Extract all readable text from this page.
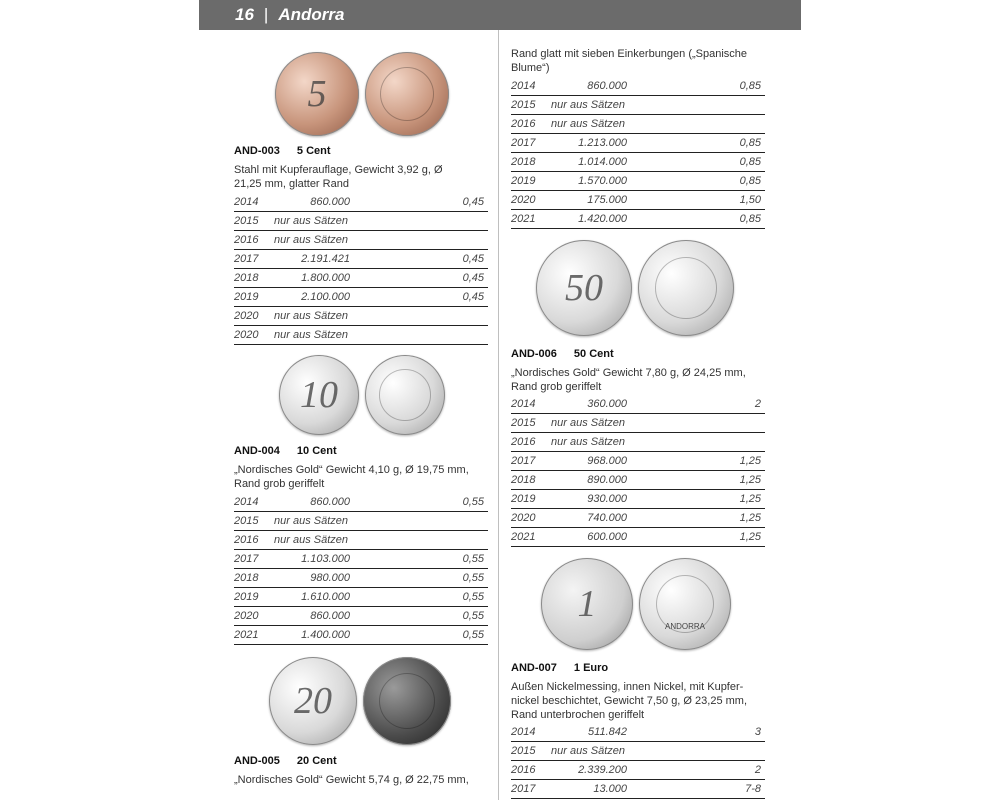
16 | Andorra
5
AND-003 5 Cent
Stahl mit Kupferauflage, Gewicht 3,92 g, Ø 21,25 mm, glatter Rand
2014	860.000	0,45
2015	nur aus Sätzen
2016	nur aus Sätzen
2017	2.191.421	0,45
2018	1.800.000	0,45
2019	2.100.000	0,45
2020	nur aus Sätzen
2020	nur aus Sätzen
10
AND-004 10 Cent
„Nordisches Gold“ Gewicht 4,10 g, Ø 19,75 mm, Rand grob geriffelt
2014	860.000	0,55
2015	nur aus Sätzen
2016	nur aus Sätzen
2017	1.103.000	0,55
2018	980.000	0,55
2019	1.610.000	0,55
2020	860.000	0,55
2021	1.400.000	0,55
20
AND-005 20 Cent
„Nordisches Gold“ Gewicht 5,74 g, Ø 22,75 mm,
Rand glatt mit sieben Einkerbungen („Spanische Blume“)
2014	860.000	0,85
2015	nur aus Sätzen
2016	nur aus Sätzen
2017	1.213.000	0,85
2018	1.014.000	0,85
2019	1.570.000	0,85
2020	175.000	1,50
2021	1.420.000	0,85
50
AND-006 50 Cent
„Nordisches Gold“ Gewicht 7,80 g, Ø 24,25 mm, Rand grob geriffelt
2014	360.000	2
2015	nur aus Sätzen
2016	nur aus Sätzen
2017	968.000	1,25
2018	890.000	1,25
2019	930.000	1,25
2020	740.000	1,25
2021	600.000	1,25
1
ANDORRA
AND-007 1 Euro
Außen Nickelmessing, innen Nickel, mit Kupfer-nickel beschichtet, Gewicht 7,50 g, Ø 23,25 mm, Rand unterbrochen geriffelt
2014	511.842	3
2015	nur aus Sätzen
2016	2.339.200	2
2017	13.000	7-8
